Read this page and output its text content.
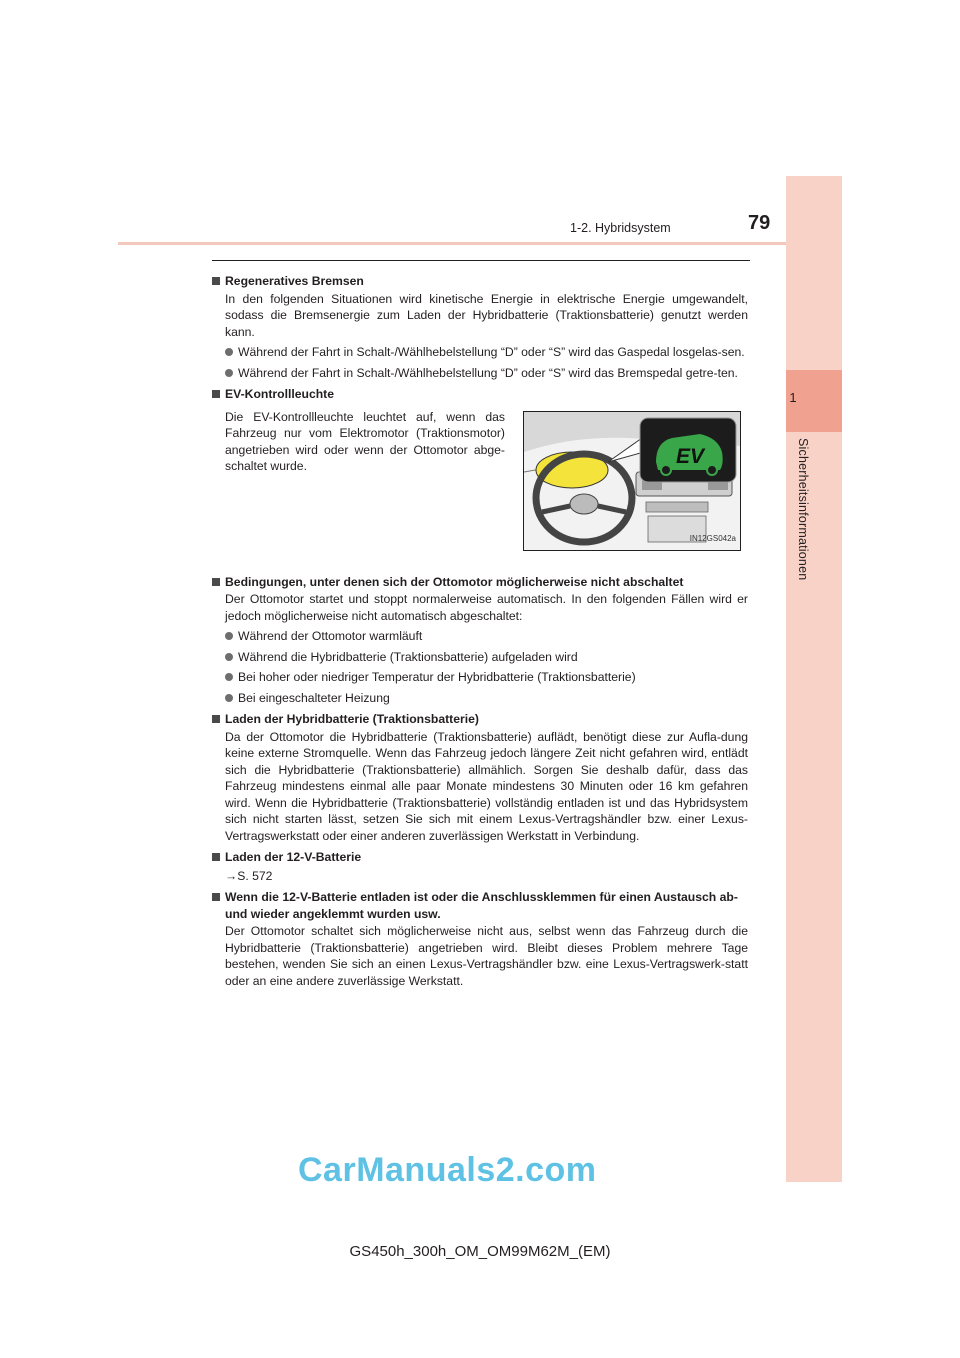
1
Sicherheitsinformationen
1-2. Hybridsystem	79
Regeneratives Bremsen
In den folgenden Situationen wird kinetische Energie in elektrische Energie umgewandelt, sodass die Bremsenergie zum Laden der Hybridbatterie (Traktionsbatterie) genutzt werden kann.
Während der Fahrt in Schalt-/Wählhebelstellung “D” oder “S” wird das Gaspedal losgelas-sen.
Während der Fahrt in Schalt-/Wählhebelstellung “D” oder “S” wird das Bremspedal getre-ten.
EV-Kontrollleuchte
Die EV-Kontrollleuchte leuchtet auf, wenn das Fahrzeug nur vom Elektromotor (Traktionsmotor) angetrieben wird oder wenn der Ottomotor abge-schaltet wurde.	EV
IN12GS042a
Bedingungen, unter denen sich der Ottomotor möglicherweise nicht abschaltet
Der Ottomotor startet und stoppt normalerweise automatisch. In den folgenden Fällen wird er jedoch möglicherweise nicht automatisch abgeschaltet:
Während der Ottomotor warmläuft
Während die Hybridbatterie (Traktionsbatterie) aufgeladen wird
Bei hoher oder niedriger Temperatur der Hybridbatterie (Traktionsbatterie)
Bei eingeschalteter Heizung
Laden der Hybridbatterie (Traktionsbatterie)
Da der Ottomotor die Hybridbatterie (Traktionsbatterie) auflädt, benötigt diese zur Aufla-dung keine externe Stromquelle. Wenn das Fahrzeug jedoch längere Zeit nicht gefahren wird, entlädt sich die Hybridbatterie (Traktionsbatterie) allmählich. Sorgen Sie deshalb dafür, dass das Fahrzeug mindestens einmal alle paar Monate mindestens 30 Minuten oder 16 km gefahren wird. Wenn die Hybridbatterie (Traktionsbatterie) vollständig entladen ist und das Hybridsystem sich nicht starten lässt, setzen Sie sich mit einem Lexus-Vertragshändler bzw. einer Lexus-Vertragswerkstatt oder einer anderen zuverlässigen Werkstatt in Verbindung.
Laden der 12-V-Batterie
→S. 572
Wenn die 12-V-Batterie entladen ist oder die Anschlussklemmen für einen Austausch ab-und wieder angeklemmt wurden usw.
Der Ottomotor schaltet sich möglicherweise nicht aus, selbst wenn das Fahrzeug durch die Hybridbatterie (Traktionsbatterie) angetrieben wird. Bleibt dieses Problem mehrere Tage bestehen, wenden Sie sich an einen Lexus-Vertragshändler bzw. eine Lexus-Vertragswerk-statt oder an eine andere zuverlässige Werkstatt.
CarManuals2.com
GS450h_300h_OM_OM99M62M_(EM)
carmanualsonline.info
